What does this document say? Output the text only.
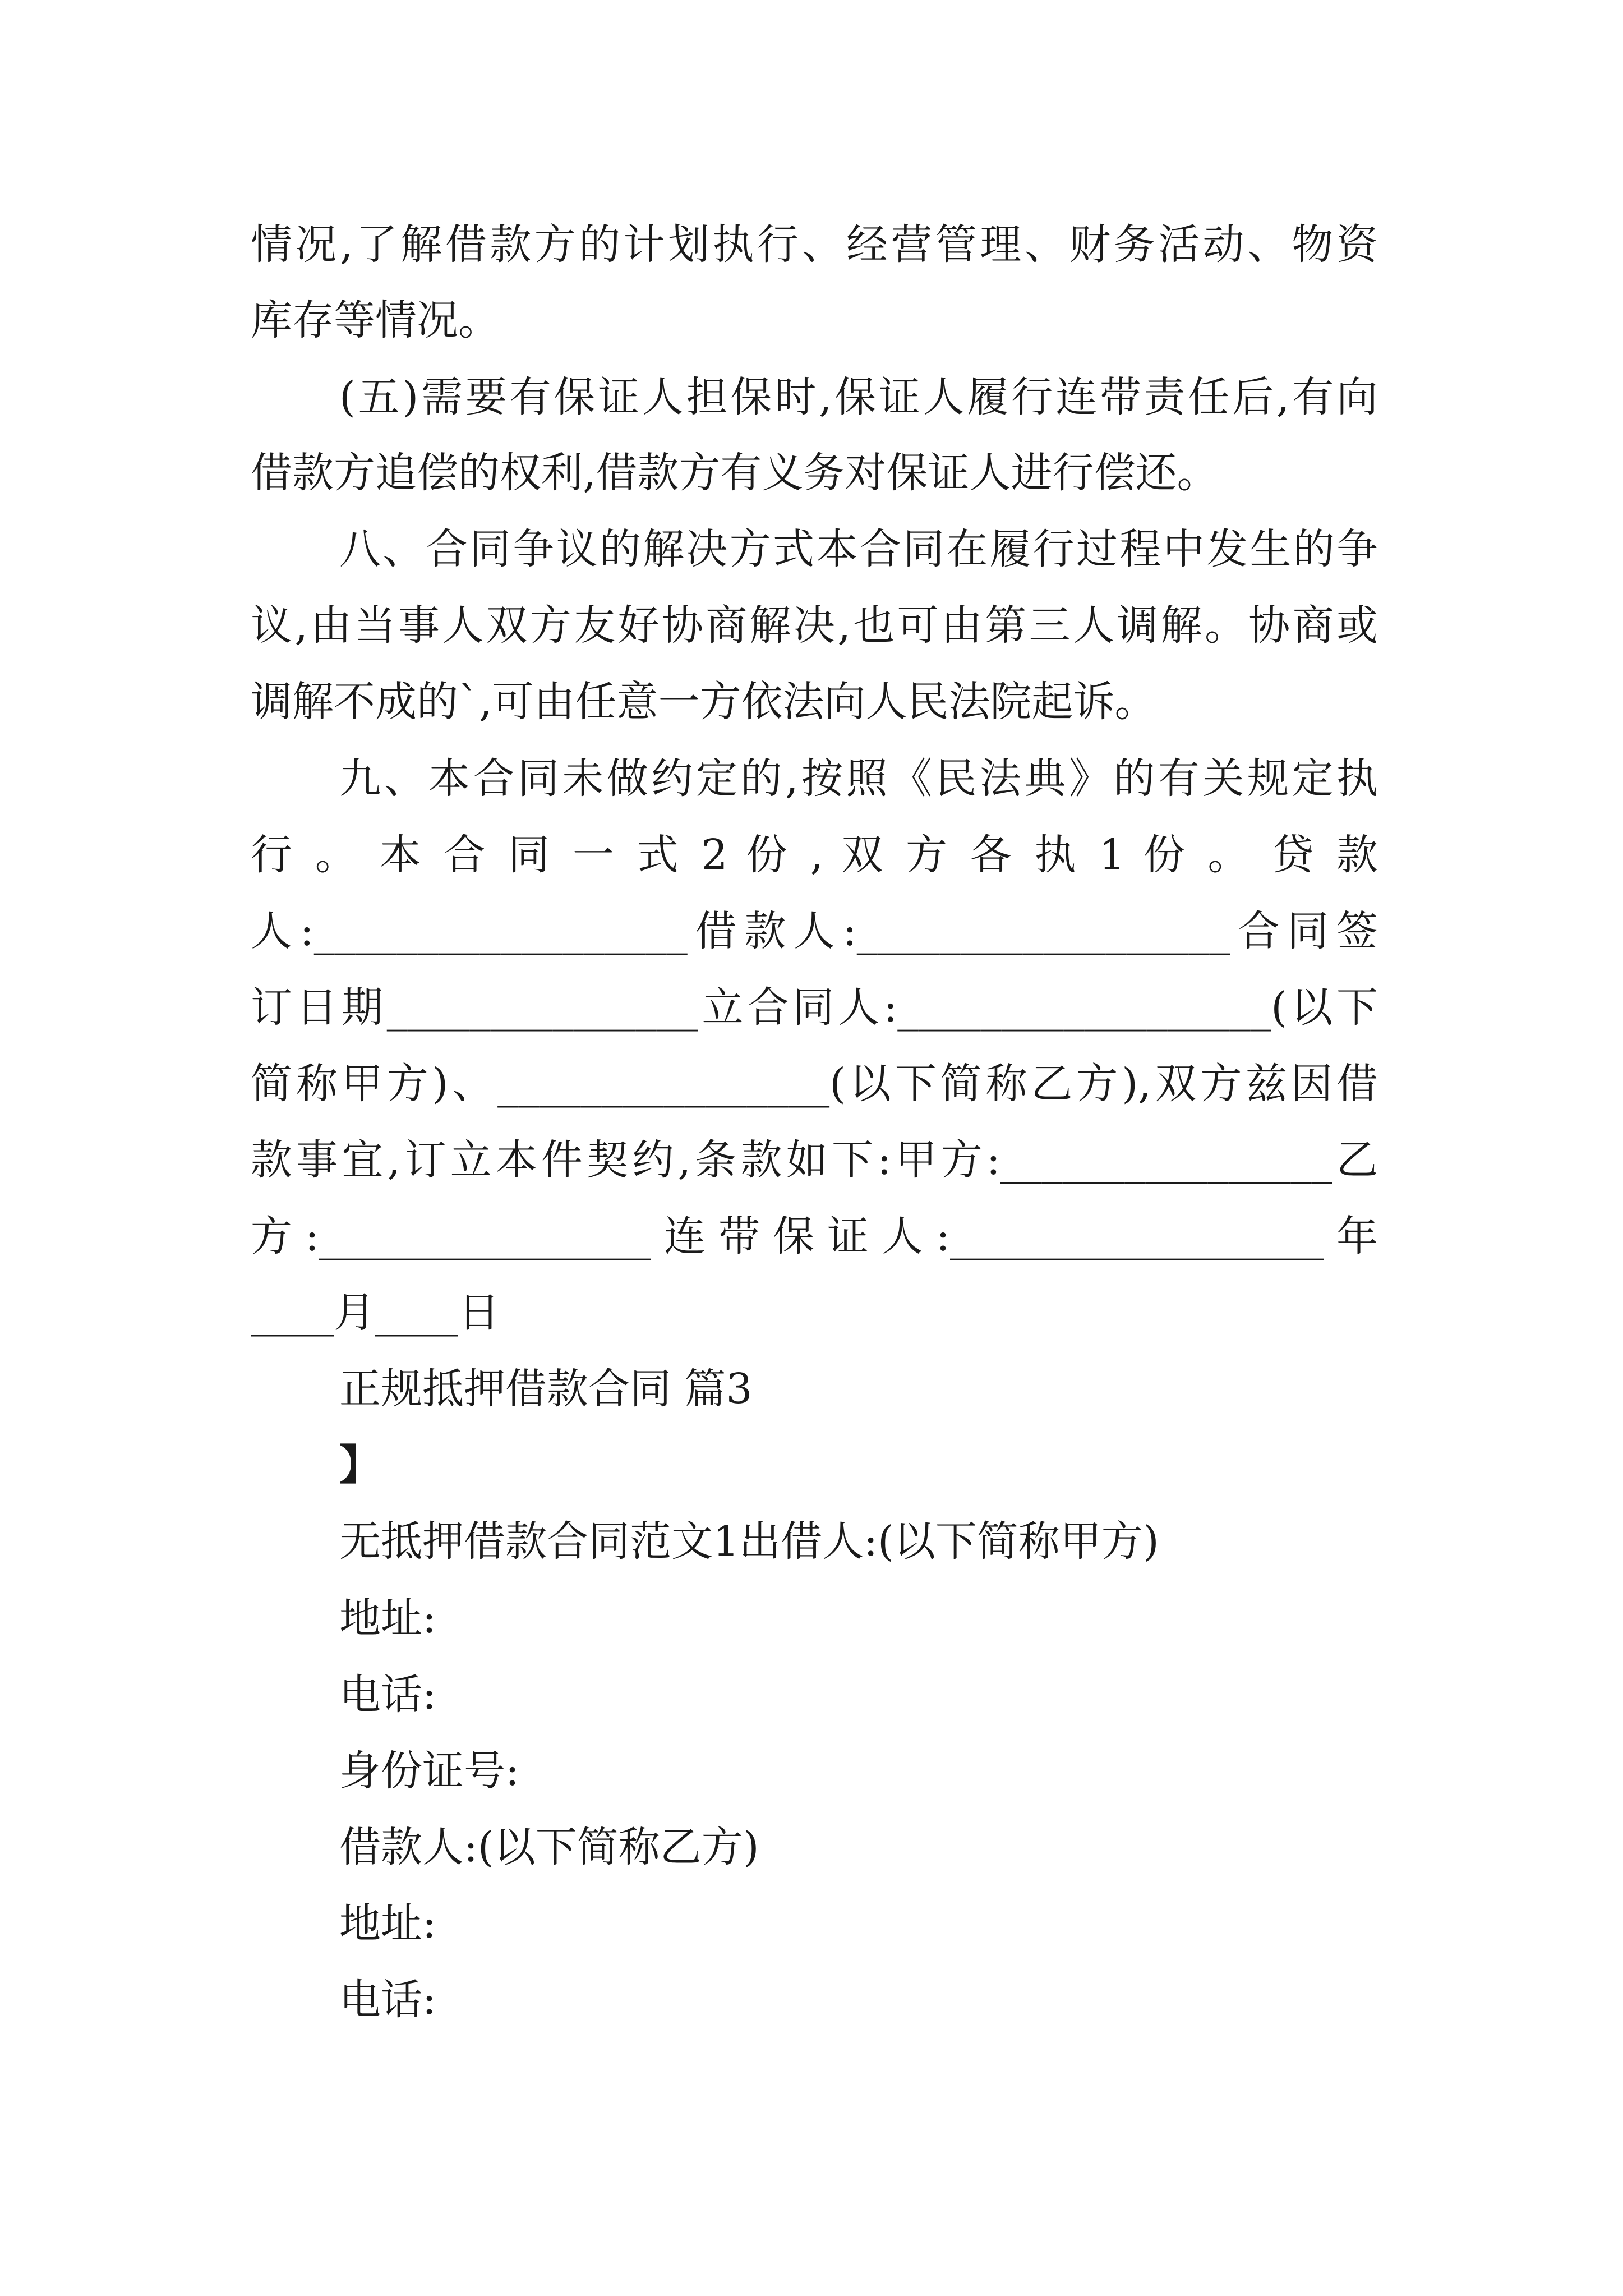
情况,了解借款方的计划执行、经营管理、财务活动、物资
库存等情况。
(五)需要有保证人担保时,保证人履行连带责任后,有向
借款方追偿的权利,借款方有义务对保证人进行偿还。
八、合同争议的解决方式本合同在履行过程中发生的争
议,由当事人双方友好协商解决,也可由第三人调解。协商或
调解不成的`,可由任意一方依法向人民法院起诉。
九、本合同未做约定的,按照《民法典》的有关规定执
行 。 本 合 同 一 式 2 份 , 双 方 各 执 1 份 。 贷 款
人:__________________借款人:__________________合同签
订日期_______________立合同人:__________________(以下
简称甲方)、________________(以下简称乙方),双方兹因借
款事宜,订立本件契约,条款如下:甲方:________________乙
方:________________连带保证人:__________________年
____月____日
正规抵押借款合同 篇3
】
无抵押借款合同范文1出借人:(以下简称甲方)
地址:
电话:
身份证号:
借款人:(以下简称乙方)
地址:
电话:
